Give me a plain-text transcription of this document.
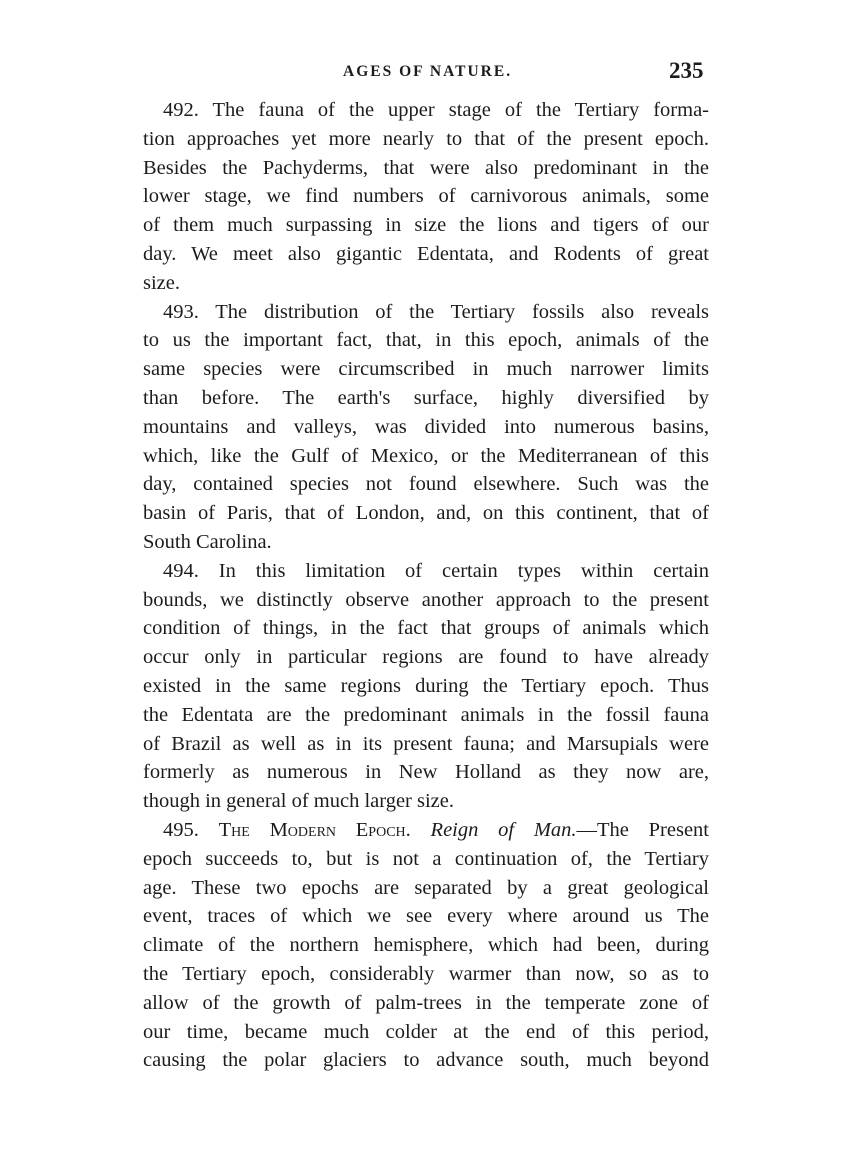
AGES OF NATURE.	235
492. The fauna of the upper stage of the Tertiary forma-
tion approaches yet more nearly to that of the present epoch.
Besides the Pachyderms, that were also predominant in the
lower stage, we find numbers of carnivorous animals, some
of them much surpassing in size the lions and tigers of our
day. We meet also gigantic Edentata, and Rodents of great
size.
493. The distribution of the Tertiary fossils also reveals
to us the important fact, that, in this epoch, animals of the
same species were circumscribed in much narrower limits
than before. The earth's surface, highly diversified by
mountains and valleys, was divided into numerous basins,
which, like the Gulf of Mexico, or the Mediterranean of this
day, contained species not found elsewhere. Such was the
basin of Paris, that of London, and, on this continent, that of
South Carolina.
494. In this limitation of certain types within certain
bounds, we distinctly observe another approach to the present
condition of things, in the fact that groups of animals which
occur only in particular regions are found to have already
existed in the same regions during the Tertiary epoch. Thus
the Edentata are the predominant animals in the fossil fauna
of Brazil as well as in its present fauna; and Marsupials were
formerly as numerous in New Holland as they now are,
though in general of much larger size.
495. The Modern Epoch. Reign of Man.—The Present
epoch succeeds to, but is not a continuation of, the Tertiary
age. These two epochs are separated by a great geological
event, traces of which we see every where around us The
climate of the northern hemisphere, which had been, during
the Tertiary epoch, considerably warmer than now, so as to
allow of the growth of palm-trees in the temperate zone of
our time, became much colder at the end of this period,
causing the polar glaciers to advance south, much beyond
